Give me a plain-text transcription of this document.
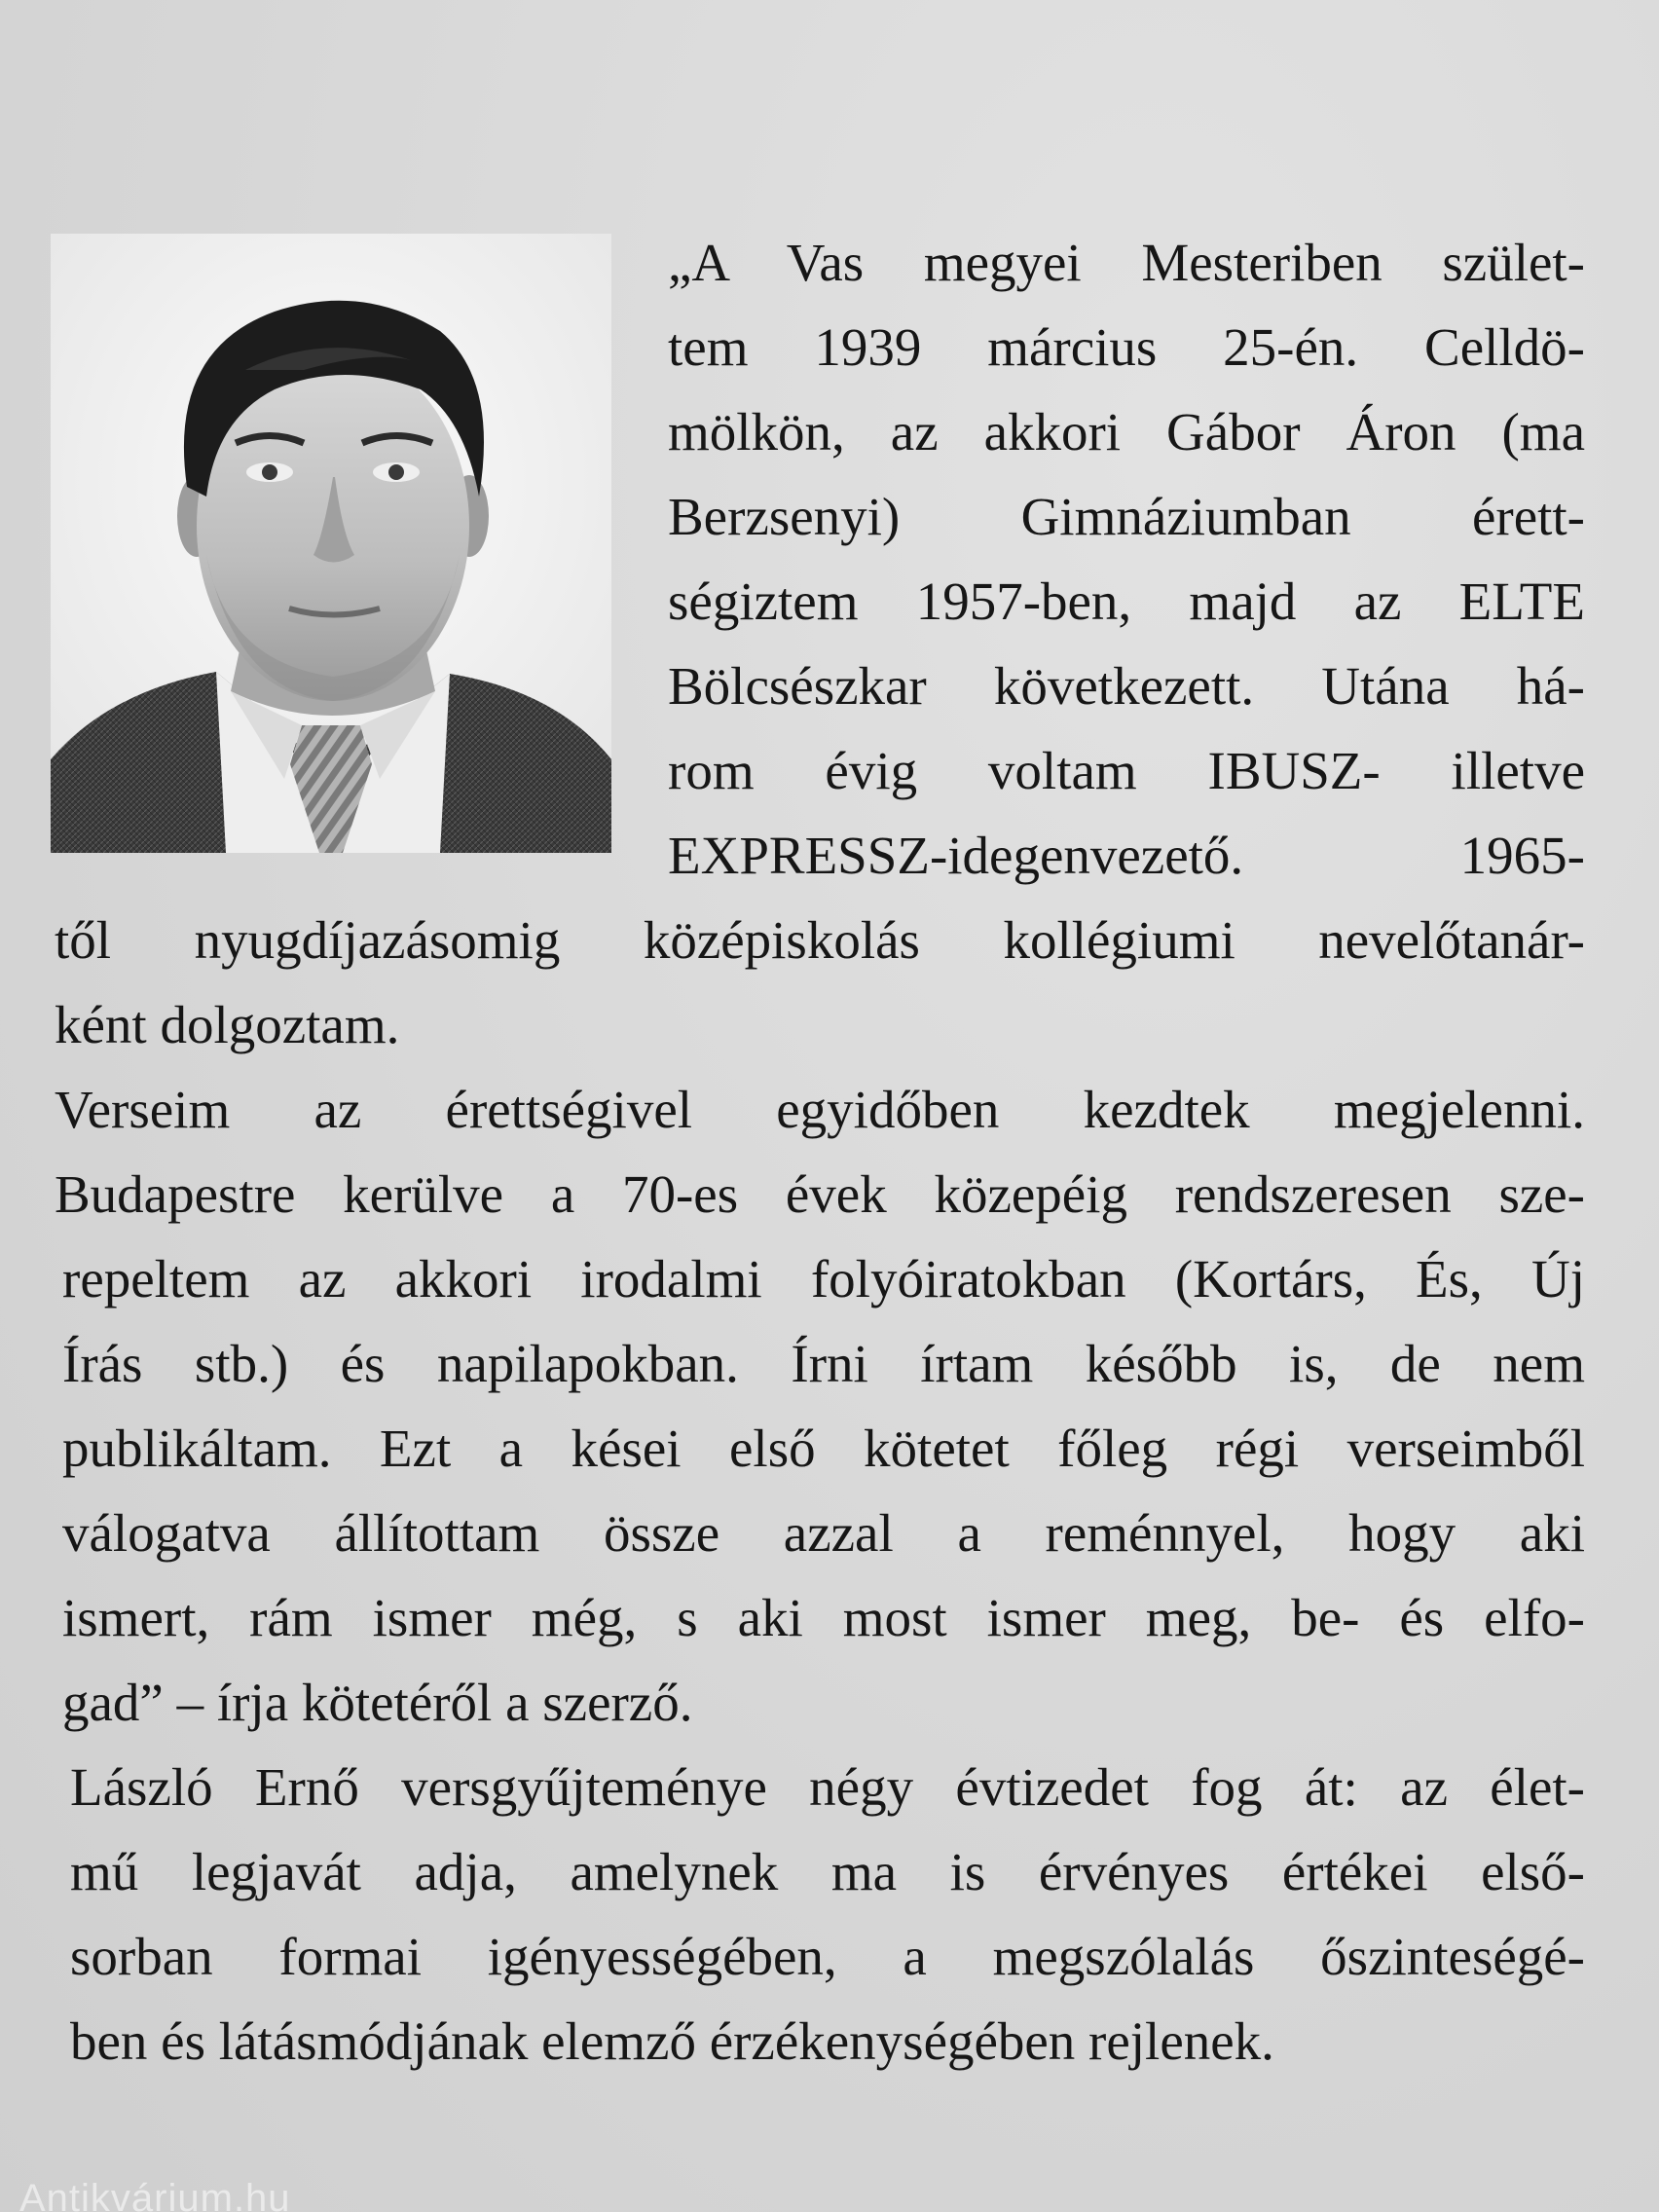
„A Vas megyei Mesteriben szület-
tem 1939 március 25-én. Celldö-
mölkön, az akkori Gábor Áron (ma
Berzsenyi) Gimnáziumban érett-
ségiztem 1957-ben, majd az ELTE
Bölcsészkar következett. Utána há-
rom évig voltam IBUSZ- illetve
EXPRESSZ-idegenvezető. 1965-
től nyugdíjazásomig középiskolás kollégiumi nevelőtanár-
ként dolgoztam.
Verseim az érettségivel egyidőben kezdtek megjelenni.
Budapestre kerülve a 70-es évek közepéig rendszeresen sze-
repeltem az akkori irodalmi folyóiratokban (Kortárs, És, Új
Írás stb.) és napilapokban. Írni írtam később is, de nem
publikáltam. Ezt a kései első kötetet főleg régi verseimből
válogatva állítottam össze azzal a reménnyel, hogy aki
ismert, rám ismer még, s aki most ismer meg, be- és elfo-
gad” – írja kötetéről a szerző.
László Ernő versgyűjteménye négy évtizedet fog át: az élet-
mű legjavát adja, amelynek ma is érvényes értékei első-
sorban formai igényességében, a megszólalás őszinteségé-
ben és látásmódjának elemző érzékenységében rejlenek.
Antikvárium.hu
